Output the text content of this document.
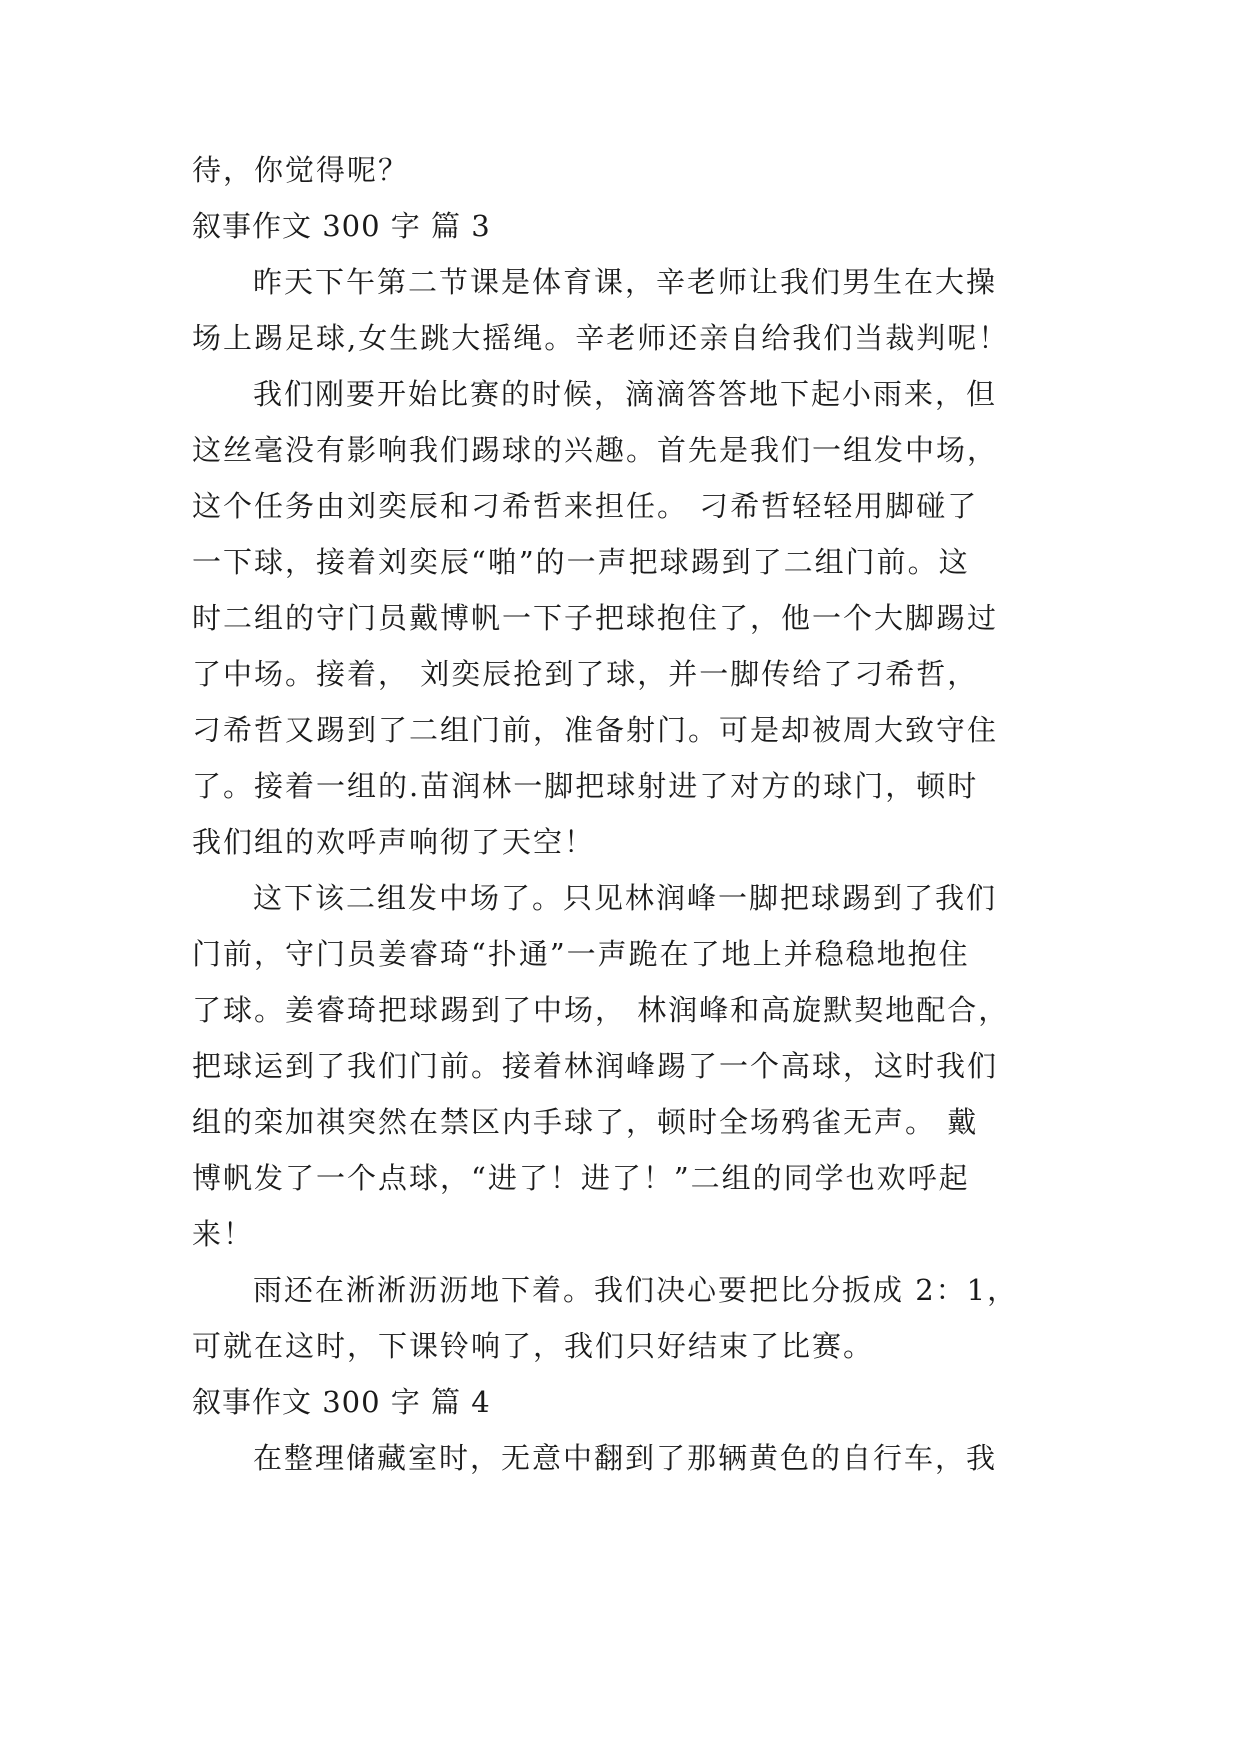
待，你觉得呢？
叙事作文 300 字 篇 3
昨天下午第二节课是体育课，辛老师让我们男生在大操
场上踢足球,女生跳大摇绳。辛老师还亲自给我们当裁判呢！
我们刚要开始比赛的时候，滴滴答答地下起小雨来，但
这丝毫没有影响我们踢球的兴趣。首先是我们一组发中场，
这个任务由刘奕辰和刁希哲来担任。 刁希哲轻轻用脚碰了
一下球，接着刘奕辰“啪”的一声把球踢到了二组门前。这
时二组的守门员戴博帆一下子把球抱住了，他一个大脚踢过
了中场。接着， 刘奕辰抢到了球，并一脚传给了刁希哲，
刁希哲又踢到了二组门前，准备射门。可是却被周大致守住
了。接着一组的.苗润林一脚把球射进了对方的球门，顿时
我们组的欢呼声响彻了天空！
这下该二组发中场了。只见林润峰一脚把球踢到了我们
门前，守门员姜睿琦“扑通”一声跪在了地上并稳稳地抱住
了球。姜睿琦把球踢到了中场， 林润峰和高旋默契地配合，
把球运到了我们门前。接着林润峰踢了一个高球，这时我们
组的栾加祺突然在禁区内手球了，顿时全场鸦雀无声。 戴
博帆发了一个点球，“进了！进了！”二组的同学也欢呼起
来！
雨还在淅淅沥沥地下着。我们决心要把比分扳成 2：1，
可就在这时，下课铃响了，我们只好结束了比赛。
叙事作文 300 字 篇 4
在整理储藏室时，无意中翻到了那辆黄色的自行车，我
